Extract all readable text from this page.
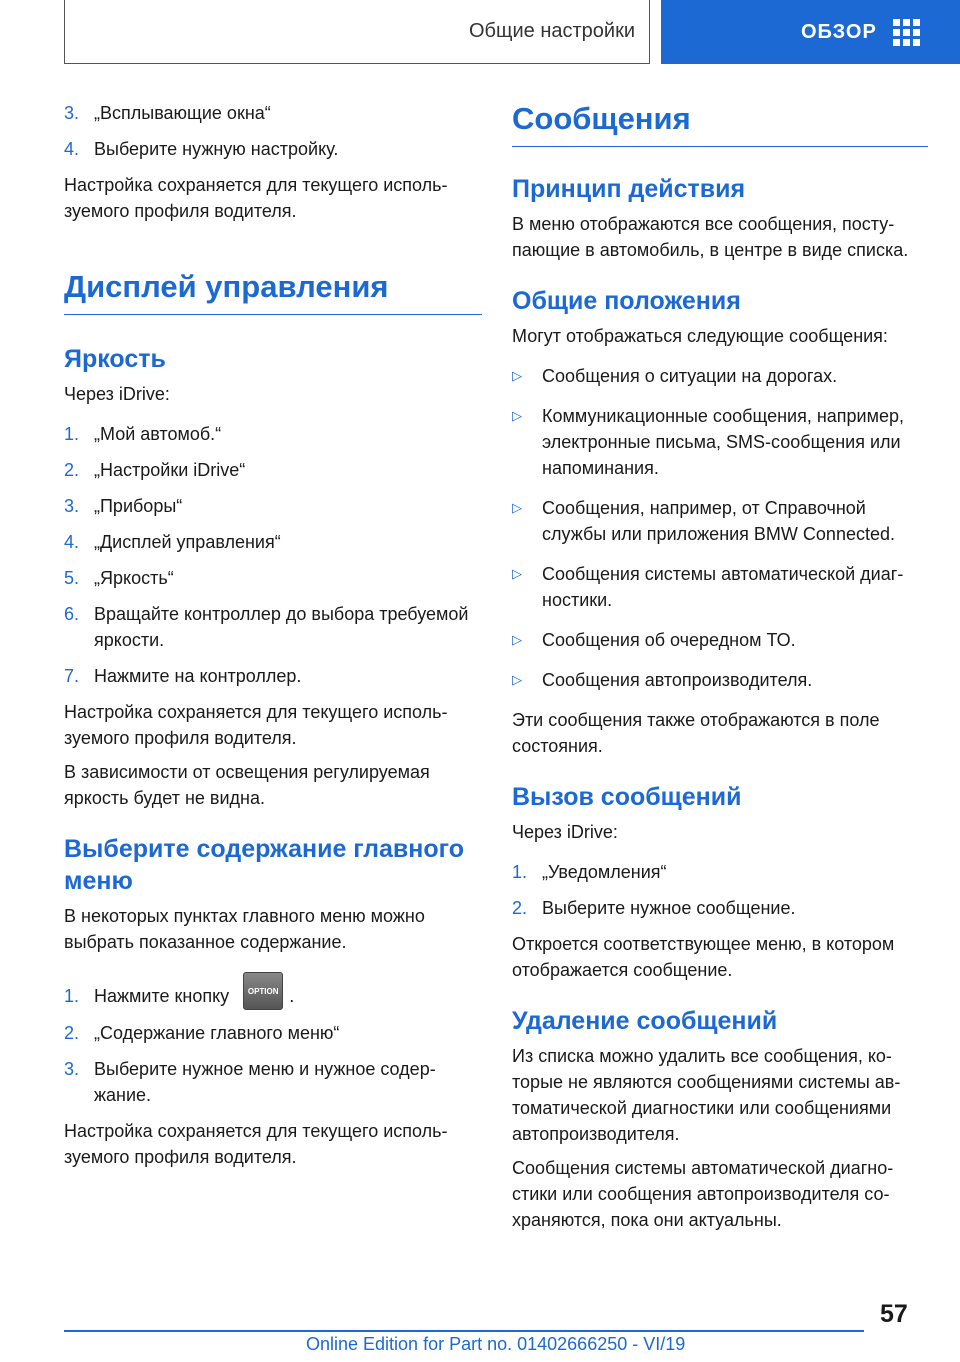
Общие настройки	ОБЗОР
3. „Всплывающие окна“
4. Выберите нужную настройку.

Настройка сохраняется для текущего используемого профиля водителя.

Дисплей управления
Яркость

Через iDrive:

1. „Мой автомоб.“
2. „Настройки iDrive“
3. „Приборы“
4. „Дисплей управления“
5. „Яркость“
6. Вращайте контроллер до выбора требуемой яркости.
7. Нажмите на контроллер.

Настройка сохраняется для текущего используемого профиля водителя.

В зависимости от освещения регулируемая яркость будет не видна.

Выберите содержание главного меню

В некоторых пунктах главного меню можно выбрать показанное содержание.

1. Нажмите кнопку OPTION .
2. „Содержание главного меню“
3. Выберите нужное меню и нужное содержание.

Настройка сохраняется для текущего используемого профиля водителя.

Сообщения
Принцип действия

В меню отображаются все сообщения, поступающие в автомобиль, в центре в виде списка.

Общие положения

Могут отображаться следующие сообщения:

▷	Сообщения о ситуации на дорогах.
▷	Коммуникационные сообщения, например, электронные письма, SMS-сообщения или напоминания.
▷	Сообщения, например, от Справочной службы или приложения BMW Connected.
▷	Сообщения системы автоматической диагностики.
▷	Сообщения об очередном ТО.
▷	Сообщения автопроизводителя.

Эти сообщения также отображаются в поле состояния.

Вызов сообщений

Через iDrive:

1. „Уведомления“
2. Выберите нужное сообщение.

Откроется соответствующее меню, в котором отображается сообщение.

Удаление сообщений

Из списка можно удалить все сообщения, которые не являются сообщениями системы автоматической диагностики или сообщениями автопроизводителя.

Сообщения системы автоматической диагностики или сообщения автопроизводителя сохраняются, пока они актуальны.

57
Online Edition for Part no. 01402666250 - VI/19
